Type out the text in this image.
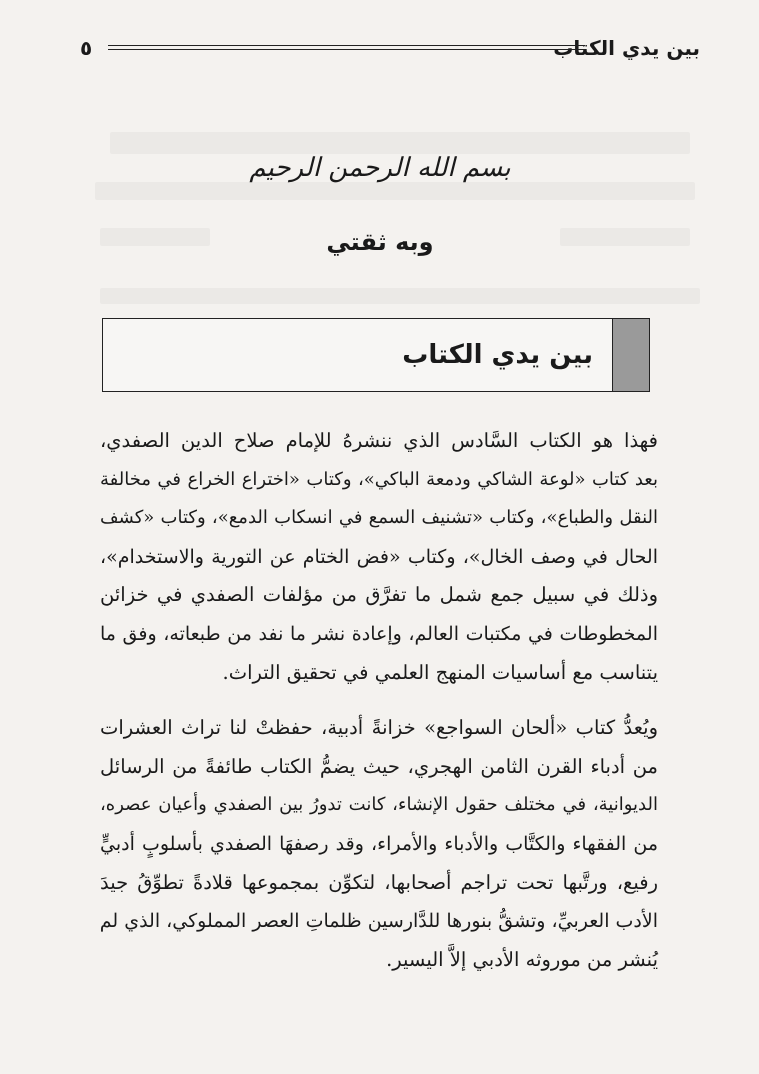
بين يدي الكتاب
٥
بسم الله الرحمن الرحيم
وبه ثقتي
بين يدي الكتاب
فهذا هو الكتاب السَّادس الذي ننشرهُ للإمام صلاح الدين الصفدي،
بعد كتاب «لوعة الشاكي ودمعة الباكي»، وكتاب «اختراع الخراع في مخالفة
النقل والطباع»، وكتاب «تشنيف السمع في انسكاب الدمع»، وكتاب «كشف
الحال في وصف الخال»، وكتاب «فض الختام عن التورية والاستخدام»،
وذلك في سبيل جمع شمل ما تفرَّق من مؤلفات الصفدي في خزائن
المخطوطات في مكتبات العالم، وإعادة نشر ما نفد من طبعاته، وفق ما
يتناسب مع أساسيات المنهج العلمي في تحقيق التراث.
ويُعدُّ كتاب «ألحان السواجع» خزانةً أدبية، حفظتْ لنا تراث العشرات
من أدباء القرن الثامن الهجري، حيث يضمُّ الكتاب طائفةً من الرسائل
الديوانية، في مختلف حقول الإنشاء، كانت تدورُ بين الصفدي وأعيان عصره،
من الفقهاء والكتَّاب والأدباء والأمراء، وقد رصفهَا الصفدي بأسلوبٍ أدبيٍّ
رفيع، ورتَّبها تحت تراجم أصحابها، لتكوِّن بمجموعها قلادةً تطوِّقُ جيدَ
الأدب العربيِّ، وتشقُّ بنورها للدَّارسين ظلماتِ العصر المملوكي، الذي لم
يُنشر من موروثه الأدبي إلاَّ اليسير.
